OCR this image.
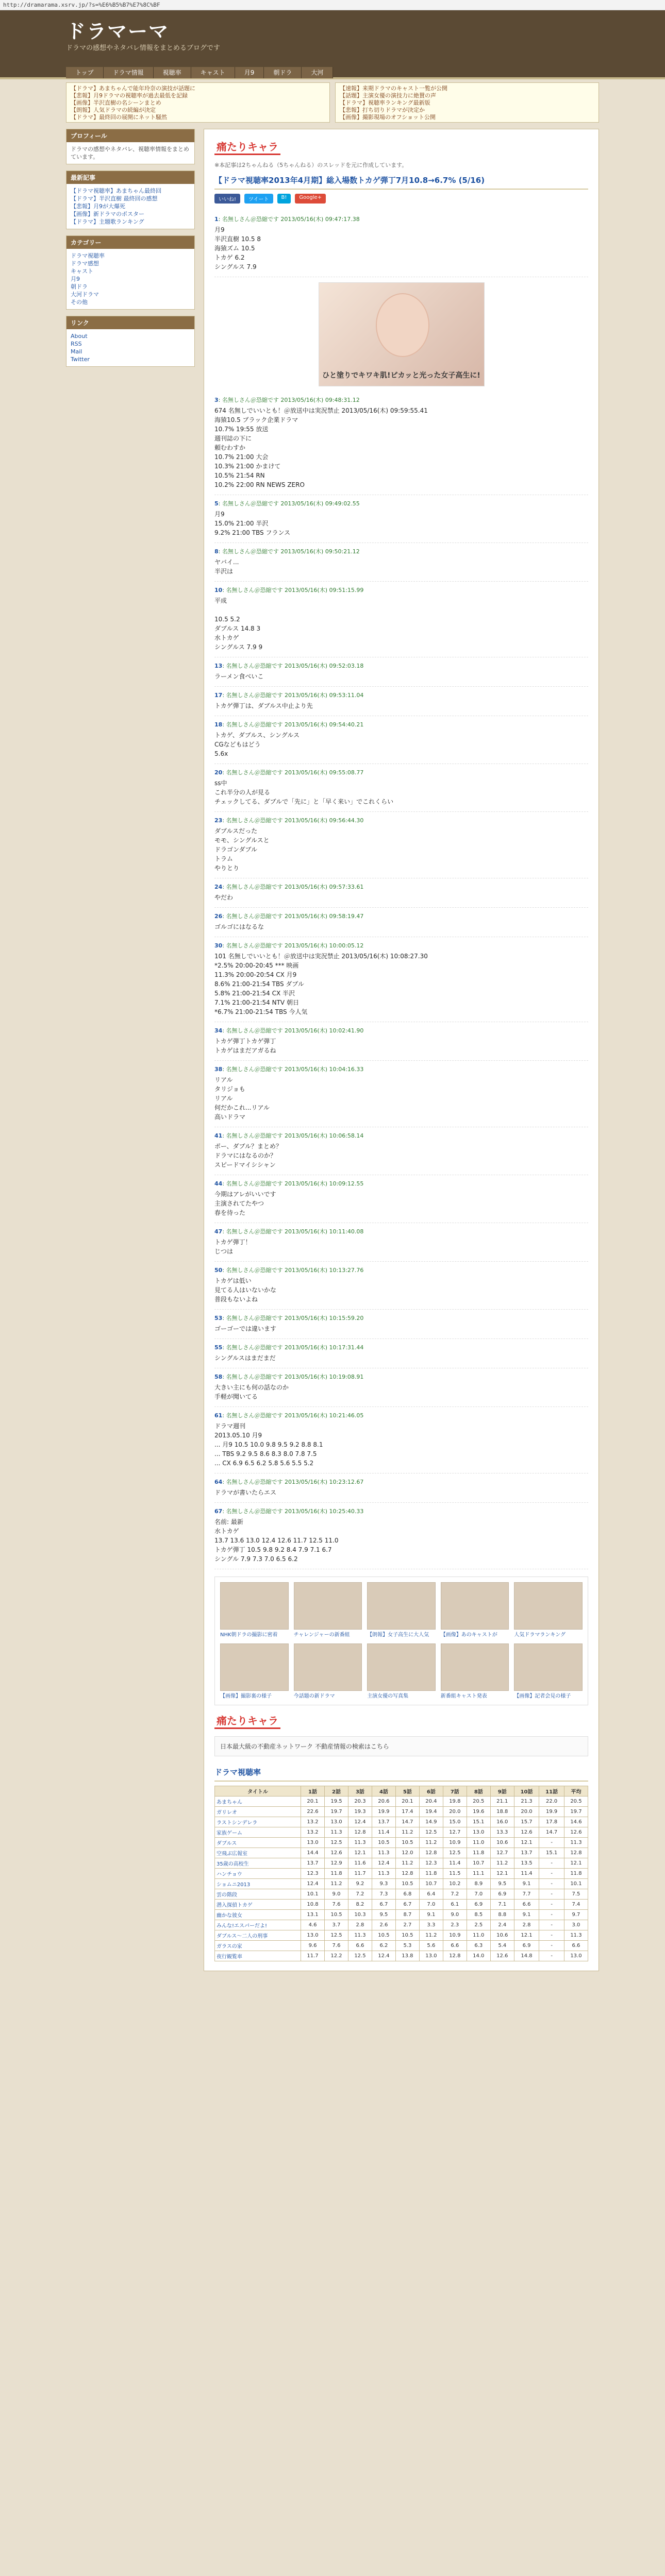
http://dramarama.xsrv.jp/?s=%E6%B5%B7%E7%8C%BF
ドラマーマ
ドラマの感想やネタバレ情報をまとめるブログです
トップ	ドラマ情報	視聴率	キャスト	月9	朝ドラ	大河
【ドラマ】あまちゃんで能年玲奈の演技が話題に
【悲報】月9ドラマの視聴率が過去最低を記録
【画像】半沢直樹の名シーンまとめ
【朗報】人気ドラマの続編が決定
【ドラマ】最終回の展開にネット騒然
【速報】来期ドラマのキャスト一覧が公開
【話題】主演女優の演技力に絶賛の声
【ドラマ】視聴率ランキング最新版
【悲報】打ち切りドラマが決定か
【画像】撮影現場のオフショット公開
プロフィール
ドラマの感想やネタバレ、視聴率情報をまとめています。
最新記事
【ドラマ視聴率】あまちゃん最終回
【ドラマ】半沢直樹 最終回の感想
【悲報】月9が大爆死
【画像】新ドラマのポスター
【ドラマ】主題歌ランキング
カテゴリー
ドラマ視聴率
ドラマ感想
キャスト
月9
朝ドラ
大河ドラマ
その他
リンク
About
RSS
Mail
Twitter
痛たりキャラ
※本記事は2ちゃんねる（5ちゃんねる）のスレッドを元に作成しています。
【ドラマ視聴率2013年4月期】総入場数トカゲ弾丁7月10.8→6.7% (5/16)
いいね!	ツイート	B!	Google+
1: 名無しさん＠恐縮です 2013/05/16(木) 09:47:17.38
月9
半沢直樹 10.5 8
海猿ズム 10.5
トカゲ 6.2
シングルス 7.9
ひと塗りでキワキ肌!ピカッと光った女子高生に!
3: 名無しさん＠恐縮です 2013/05/16(木) 09:48:31.12
674 名無しでいいとも！＠放送中は実況禁止 2013/05/16(木) 09:59:55.41
海猿10.5 ブラック企業ドラマ
10.7% 19:55 放送
週刊誌の下に
頼むわすか
10.7% 21:00 大会
10.3% 21:00 かまけて
10.5% 21:54 RN
10.2% 22:00 RN NEWS ZERO
5: 名無しさん＠恐縮です 2013/05/16(木) 09:49:02.55
月9
15.0% 21:00 半沢
9.2% 21:00 TBS フランス
8: 名無しさん＠恐縮です 2013/05/16(木) 09:50:21.12
ヤバイ...
半沢は
10: 名無しさん＠恐縮です 2013/05/16(木) 09:51:15.99
平成

10.5 5.2
ダブルス 14.8 3
水トカゲ
シングルス 7.9 9
13: 名無しさん＠恐縮です 2013/05/16(木) 09:52:03.18
ラーメン食べいこ
17: 名無しさん＠恐縮です 2013/05/16(木) 09:53:11.04
トカゲ弾丁は、ダブルス中止より先
18: 名無しさん＠恐縮です 2013/05/16(木) 09:54:40.21
トカゲ、ダブルス、シングルス
CGなどもはどう
5.6x
20: 名無しさん＠恐縮です 2013/05/16(木) 09:55:08.77
ss中
これ半分の人が見る
チェックしてる、ダブルで「先に」と「早く来い」でこれくらい
23: 名無しさん＠恐縮です 2013/05/16(木) 09:56:44.30
ダブルスだった
モモ、シングルスと
ドラゴンダブル
トラム
やりとり
24: 名無しさん＠恐縮です 2013/05/16(木) 09:57:33.61
やだわ
26: 名無しさん＠恐縮です 2013/05/16(木) 09:58:19.47
ゴルゴにはなるな
30: 名無しさん＠恐縮です 2013/05/16(木) 10:00:05.12
101 名無しでいいとも！＠放送中は実況禁止 2013/05/16(木) 10:08:27.30
*2.5% 20:00-20:45 *** 映画
11.3% 20:00-20:54 CX 月9
8.6% 21:00-21:54 TBS ダブル
5.8% 21:00-21:54 CX 半沢
7.1% 21:00-21:54 NTV 朝日
*6.7% 21:00-21:54 TBS 今人気
34: 名無しさん＠恐縮です 2013/05/16(木) 10:02:41.90
トカゲ弾丁トカゲ弾丁
トカゲはまだアガるね
38: 名無しさん＠恐縮です 2013/05/16(木) 10:04:16.33
リアル
タリジョも
リアル
何だかこれ...リアル
高いドラマ
41: 名無しさん＠恐縮です 2013/05/16(木) 10:06:58.14
ポー、ダブル？まとめ？
ドラマにはなるのか？
スピードマイシシャン
44: 名無しさん＠恐縮です 2013/05/16(木) 10:09:12.55
今期はアレがいいです
主演されてたやつ
春を待った
47: 名無しさん＠恐縮です 2013/05/16(木) 10:11:40.08
トカゲ弾丁！
じつは
50: 名無しさん＠恐縮です 2013/05/16(木) 10:13:27.76
トカゲは低い
見てる人はいないかな
普段もないよね
53: 名無しさん＠恐縮です 2013/05/16(木) 10:15:59.20
ゴーゴーでは違います
55: 名無しさん＠恐縮です 2013/05/16(木) 10:17:31.44
シングルスはまだまだ
58: 名無しさん＠恐縮です 2013/05/16(木) 10:19:08.91
大きい主にも何の話なのか
手軽が聞いてる
61: 名無しさん＠恐縮です 2013/05/16(木) 10:21:46.05
ドラマ週刊
2013.05.10 月9
... 月9 10.5 10.0 9.8 9.5 9.2 8.8 8.1
... TBS 9.2 9.5 8.6 8.3 8.0 7.8 7.5
... CX 6.9 6.5 6.2 5.8 5.6 5.5 5.2
64: 名無しさん＠恐縮です 2013/05/16(木) 10:23:12.67
ドラマが書いたらエス
67: 名無しさん＠恐縮です 2013/05/16(木) 10:25:40.33
名前: 最新
水トカゲ
13.7 13.6 13.0 12.4 12.6 11.7 12.5 11.0
トカゲ弾丁 10.5 9.8 9.2 8.4 7.9 7.1 6.7
シングル 7.9 7.3 7.0 6.5 6.2
NHK朝ドラの撮影に密着	チャレンジャーの新番組	【朗報】女子高生に大人気	【画像】あのキャストが	人気ドラマランキング
【画像】撮影裏の様子	今話題の新ドラマ	主演女優の写真集	新番組キャスト発表	【画像】記者会見の様子
痛たりキャラ
日本最大級の不動産ネットワーク 不動産情報の検索はこちら
ドラマ視聴率
タイトル	1話	2話	3話	4話	5話	6話	7話	8話	9話	10話	11話	平均
あまちゃん	20.1	19.5	20.3	20.6	20.1	20.4	19.8	20.5	21.1	21.3	22.0	20.5
ガリレオ	22.6	19.7	19.3	19.9	17.4	19.4	20.0	19.6	18.8	20.0	19.9	19.7
ラストシンデレラ	13.2	13.0	12.4	13.7	14.7	14.9	15.0	15.1	16.0	15.7	17.8	14.6
家族ゲーム	13.2	11.3	12.8	11.4	11.2	12.5	12.7	13.0	13.3	12.6	14.7	12.6
ダブルス	13.0	12.5	11.3	10.5	10.5	11.2	10.9	11.0	10.6	12.1	-	11.3
空飛ぶ広報室	14.4	12.6	12.1	11.3	12.0	12.8	12.5	11.8	12.7	13.7	15.1	12.8
35歳の高校生	13.7	12.9	11.6	12.4	11.2	12.3	11.4	10.7	11.2	13.5	-	12.1
ハンチョウ	12.3	11.8	11.7	11.3	12.8	11.8	11.5	11.1	12.1	11.4	-	11.8
ショムニ2013	12.4	11.2	9.2	9.3	10.5	10.7	10.2	8.9	9.5	9.1	-	10.1
雲の階段	10.1	9.0	7.2	7.3	6.8	6.4	7.2	7.0	6.9	7.7	-	7.5
潜入探偵トカゲ	10.8	7.6	8.2	6.7	6.7	7.0	6.1	6.9	7.1	6.6	-	7.4
幽かな彼女	13.1	10.5	10.3	9.5	8.7	9.1	9.0	8.5	8.8	9.1	-	9.7
みんな!エスパーだよ!	4.6	3.7	2.8	2.6	2.7	3.3	2.3	2.5	2.4	2.8	-	3.0
ダブルス～二人の刑事	13.0	12.5	11.3	10.5	10.5	11.2	10.9	11.0	10.6	12.1	-	11.3
ガラスの家	9.6	7.6	6.6	6.2	5.3	5.6	6.6	6.3	5.4	6.9	-	6.6
夜行観覧車	11.7	12.2	12.5	12.4	13.8	13.0	12.8	14.0	12.6	14.8	-	13.0
